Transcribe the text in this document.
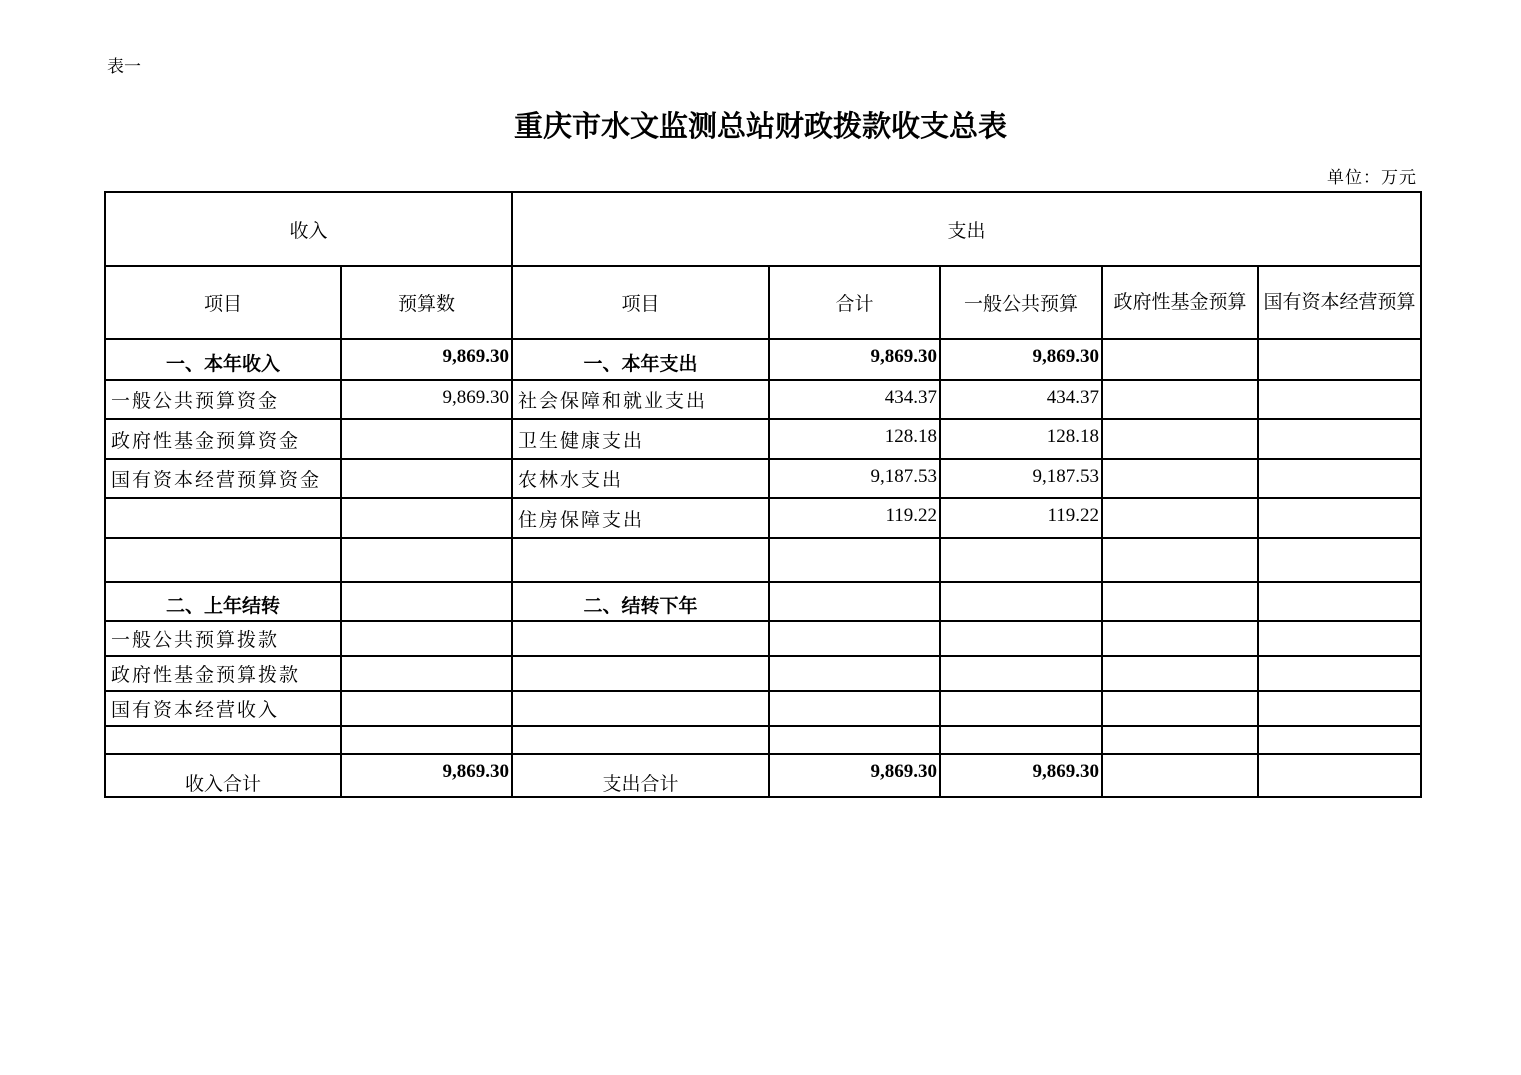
表一
重庆市水文监测总站财政拨款收支总表
单位：万元
收入		支出				
项目	预算数	项目	合计	一般公共预算	政府性基金预算	国有资本经营预算
一、本年收入	9,869.30	一、本年支出	9,869.30	9,869.30		
一般公共预算资金	9,869.30	社会保障和就业支出	434.37	434.37		
政府性基金预算资金		卫生健康支出	128.18	128.18		
国有资本经营预算资金		农林水支出	9,187.53	9,187.53		
		住房保障支出	119.22	119.22		

二、上年结转		二、结转下年				
一般公共预算拨款						
政府性基金预算拨款						
国有资本经营收入						

收入合计	9,869.30	支出合计	9,869.30	9,869.30		
